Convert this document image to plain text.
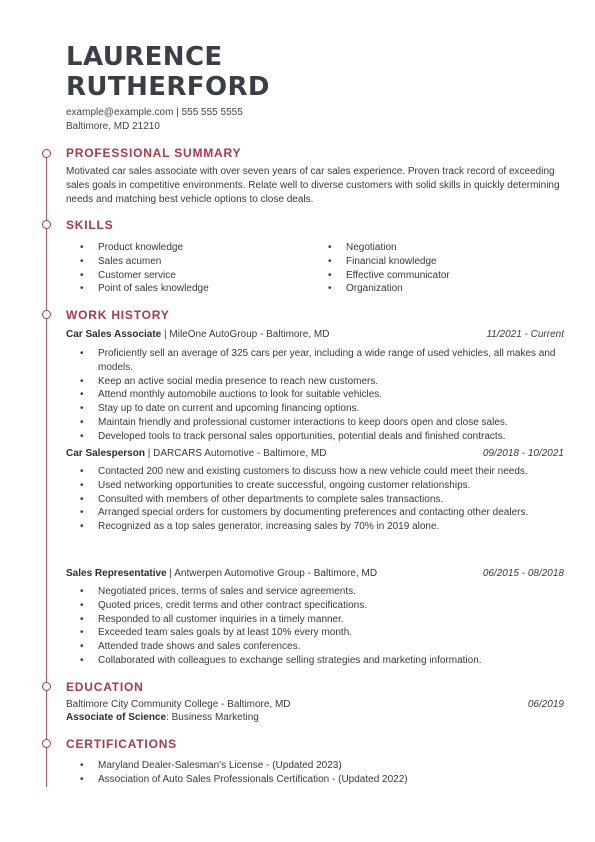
LAURENCE
RUTHERFORD
example@example.com | 555 555 5555
Baltimore, MD 21210
PROFESSIONAL SUMMARY
Motivated car sales associate with over seven years of car sales experience. Proven track record of exceeding sales goals in competitive environments. Relate well to diverse customers with solid skills in quickly determining needs and matching best vehicle options to close deals.
SKILLS
• Product knowledge
• Sales acumen
• Customer service
• Point of sales knowledge
• Negotiation
• Financial knowledge
• Effective communicator
• Organization
WORK HISTORY
Car Sales Associate | MileOne AutoGroup - Baltimore, MD	11/2021 - Current
• Proficiently sell an average of 325 cars per year, including a wide range of used vehicles, all makes and models.
• Keep an active social media presence to reach new customers.
• Attend monthly automobile auctions to look for suitable vehicles.
• Stay up to date on current and upcoming financing options.
• Maintain friendly and professional customer interactions to keep doors open and close sales.
• Developed tools to track personal sales opportunities, potential deals and finished contracts.
Car Salesperson | DARCARS Automotive - Baltimore, MD	09/2018 - 10/2021
• Contacted 200 new and existing customers to discuss how a new vehicle could meet their needs.
• Used networking opportunities to create successful, ongoing customer relationships.
• Consulted with members of other departments to complete sales transactions.
• Arranged special orders for customers by documenting preferences and contacting other dealers.
• Recognized as a top sales generator, increasing sales by 70% in 2019 alone.
Sales Representative | Antwerpen Automotive Group - Baltimore, MD	06/2015 - 08/2018
• Negotiated prices, terms of sales and service agreements.
• Quoted prices, credit terms and other contract specifications.
• Responded to all customer inquiries in a timely manner.
• Exceeded team sales goals by at least 10% every month.
• Attended trade shows and sales conferences.
• Collaborated with colleagues to exchange selling strategies and marketing information.
EDUCATION
Baltimore City Community College - Baltimore, MD	06/2019
Associate of Science: Business Marketing
CERTIFICATIONS
• Maryland Dealer-Salesman's License - (Updated 2023)
• Association of Auto Sales Professionals Certification - (Updated 2022)
